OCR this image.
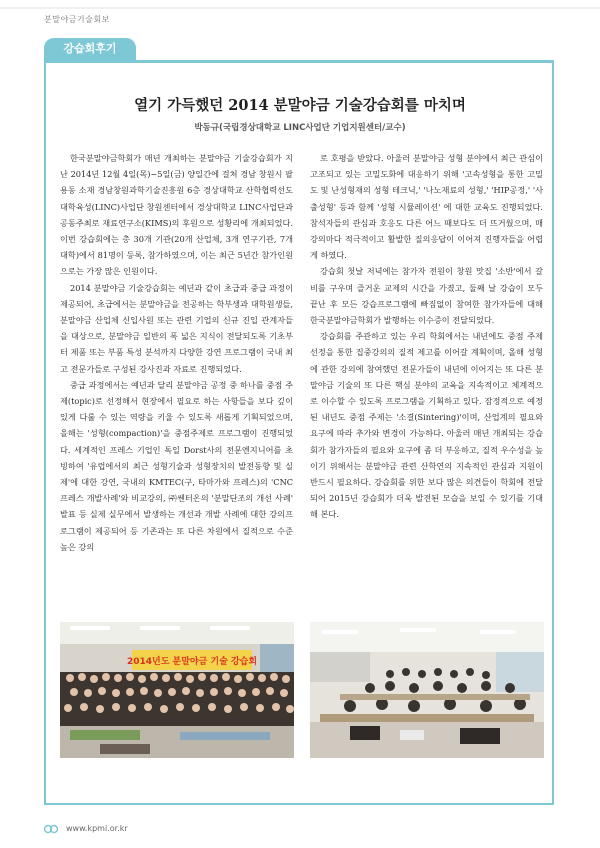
분말야금기술회보
강습회후기
열기 가득했던 2014 분말야금 기술강습회를 마치며
박동규(국립경상대학교 LINC사업단 기업지원센터/교수)

한국분말야금학회가 매년 개최하는 분말야금 기술강습회가 지난 2014년 12월 4일(목)~5일(금) 양일간에 걸쳐 경남 창원시 팔용동 소재 경남창원과학기술진흥원 6층 경상대학교 산학협력선도대학육성(LINC)사업단 창원센터에서 경상대학교 LINC사업단과 공동주최로 재료연구소(KIMS)의 후원으로 성황리에 개최되었다. 이번 강습회에는 총 30개 기관(20개 산업체, 3개 연구기관, 7개 대학)에서 81명이 등록, 참가하였으며, 이는 최근 5년간 참가인원으로는 가장 많은 인원이다.

2014 분말야금 기술강습회는 예년과 같이 초급과 중급 과정이 제공되어, 초급에서는 분말야금을 전공하는 학부생과 대학원생들, 분말야금 산업체 신입사원 또는 관련 기업의 신규 진입 관계자들을 대상으로, 분말야금 일반의 폭 넓은 지식이 전달되도록 기초부터 제품 또는 부품 특성 분석까지 다양한 강연 프로그램이 국내 최고 전문가들로 구성된 강사진과 자료로 진행되었다.

중급 과정에서는 예년과 달리 분말야금 공정 중 하나를 중점 주제(topic)로 선정해서 현장에서 필요로 하는 사항들을 보다 깊이 있게 다룰 수 있는 역량을 키울 수 있도록 새롭게 기획되었으며, 올해는 '성형(compaction)'을 중점주제로 프로그램이 진행되었다. 세계적인 프레스 기업인 독일 Dorst사의 전문엔지니어를 초빙하여 '유럽에서의 최근 성형기술과 성형장치의 발전동향 및 실제'에 대한 강연, 국내의 KMTEC(구, 타마가와 프레스)의 'CNC프레스 개발사례'와 비교강의, ㈜쎈터온의 '분말단조의 개선 사례' 발표 등 실제 실무에서 발생하는 개선과 개발 사례에 대한 강의프로그램이 제공되어 등 기존과는 또 다른 차원에서 질적으로 수준 높은 강의

로 호평을 받았다. 아울러 분말야금 성형 분야에서 최근 관심이 고조되고 있는 고밀도화에 대응하기 위해 '고속성형을 통한 고밀도 및 난성형재의 성형 테크닉,' '나노재료의 성형,' 'HIP공정,' '사출성형' 등과 함께 '성형 시뮬레이션' 에 대한 교육도 진행되었다. 참석자들의 관심과 호응도 다른 어느 때보다도 더 뜨거웠으며, 매 강의마다 적극적이고 활발한 질의응답이 이어져 진행자들을 어렵게 하였다.

강습회 첫날 저녁에는 참가자 전원이 창원 맛집 '소반'에서 갈비를 구우며 즐거운 교제의 시간을 가졌고, 둘째 날 강습이 모두 끝난 후 모든 강습프로그램에 빠짐없이 참여한 참가자들에 대해 한국분말야금학회가 발행하는 이수증이 전달되었다.

강습회를 주관하고 있는 우리 학회에서는 내년에도 중점 주제 선정을 통한 집중강의의 질적 제고를 이어갈 계획이며, 올해 성형에 관한 강의에 참여했던 전문가들이 내년에 이어지는 또 다른 분말야금 기술의 또 다른 핵심 분야의 교육을 지속적이고 체계적으로 이수할 수 있도록 프로그램을 기획하고 있다. 잠정적으로 예정된 내년도 중점 주제는 '소결(Sintering)'이며, 산업계의 필요와 요구에 따라 추가와 변경이 가능하다. 아울러 매년 개최되는 강습회가 참가자들의 필요와 요구에 좀 더 부응하고, 질적 우수성을 높이기 위해서는 분말야금 관련 산학연의 지속적인 관심과 지원이 반드시 필요하다. 강습회를 위한 보다 많은 의견들이 학회에 전달되어 2015년 강습회가 더욱 발전된 모습을 보일 수 있기를 기대해 본다.

2014년도 분말야금 기술 강습회
www.kpmi.or.kr
